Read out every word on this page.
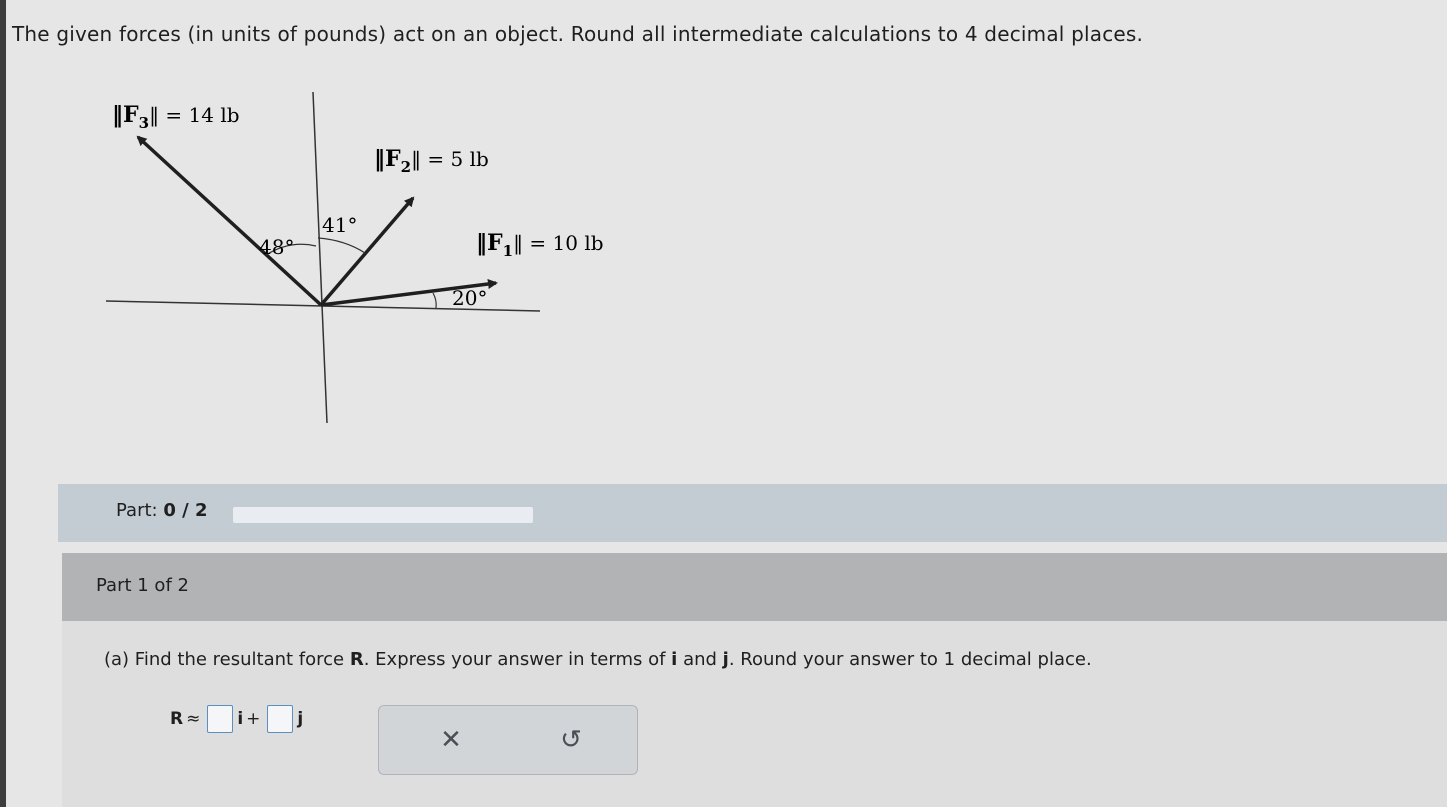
The given forces (in units of pounds) act on an object. Round all intermediate calculations to 4 decimal places.
$‖F_3‖ = 14$ lb
$‖F_2‖ = 5$ lb
$‖F_1‖ = 10$ lb
48°
41°
20°
Part: 0 / 2
Part 1 of 2
(a) Find the resultant force R. Express your answer in terms of i and j. Round your answer to 1 decimal place.
R ≈ i + j
✕	↺
